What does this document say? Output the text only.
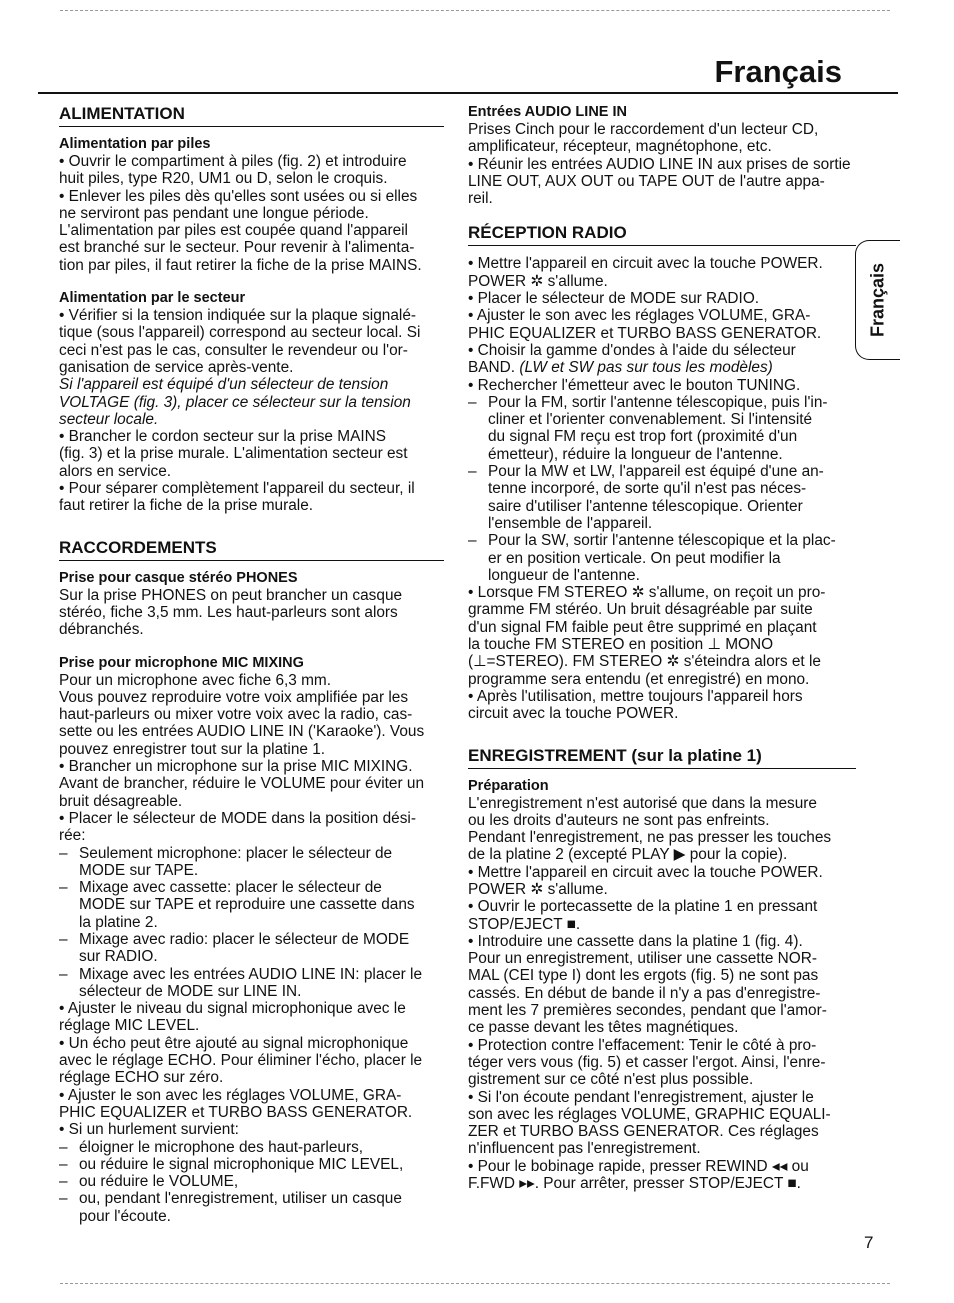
Français
Français
ALIMENTATION
Alimentation par piles

• Ouvrir le compartiment à piles (fig. 2) et introduire

huit piles, type R20, UM1 ou D, selon le croquis.

• Enlever les piles dès qu'elles sont usées ou si elles

ne serviront pas pendant une longue période.

L'alimentation par piles est coupée quand l'appareil

est branché sur le secteur. Pour revenir à l'alimenta-

tion par piles, il faut retirer la fiche de la prise MAINS.

Alimentation par le secteur

• Vérifier si la tension indiquée sur la plaque signalé-

tique (sous l'appareil) correspond au secteur local. Si

ceci n'est pas le cas, consulter le revendeur ou l'or-

ganisation de service après-vente.

Si l'appareil est équipé d'un sélecteur de tension

VOLTAGE (fig. 3), placer ce sélecteur sur la tension

secteur locale.

• Brancher le cordon secteur sur la prise MAINS

(fig. 3) et la prise murale. L'alimentation secteur est

alors en service.

• Pour séparer complètement l'appareil du secteur, il

faut retirer la fiche de la prise murale.

RACCORDEMENTS
Prise pour casque stéréo PHONES

Sur la prise PHONES on peut brancher un casque

stéréo, fiche 3,5 mm. Les haut-parleurs sont alors

débranchés.

Prise pour microphone MIC MIXING

Pour un microphone avec fiche 6,3 mm.

Vous pouvez reproduire votre voix amplifiée par les

haut-parleurs ou mixer votre voix avec la radio, cas-

sette ou les entrées AUDIO LINE IN ('Karaoke'). Vous

pouvez enregistrer tout sur la platine 1.

• Brancher un microphone sur la prise MIC MIXING.

Avant de brancher, réduire le VOLUME pour éviter un

bruit désagreable.

• Placer le sélecteur de MODE dans la position dési-

rée:

– Seulement microphone: placer le sélecteur de
MODE sur TAPE.
– Mixage avec cassette: placer le sélecteur de
MODE sur TAPE et reproduire une cassette dans
la platine 2.
– Mixage avec radio: placer le sélecteur de MODE
sur RADIO.
– Mixage avec les entrées AUDIO LINE IN: placer le
sélecteur de MODE sur LINE IN.

• Ajuster le niveau du signal microphonique avec le

réglage MIC LEVEL.

• Un écho peut être ajouté au signal microphonique

avec le réglage ECHO. Pour éliminer l'écho, placer le

réglage ECHO sur zéro.

• Ajuster le son avec les réglages VOLUME, GRA-

PHIC EQUALIZER et TURBO BASS GENERATOR.

• Si un hurlement survient:

– éloigner le microphone des haut-parleurs,
– ou réduire le signal microphonique MIC LEVEL,
– ou réduire le VOLUME,
– ou, pendant l'enregistrement, utiliser un casque
pour l'écoute.
Entrées AUDIO LINE IN

Prises Cinch pour le raccordement d'un lecteur CD,

amplificateur, récepteur, magnétophone, etc.

• Réunir les entrées AUDIO LINE IN aux prises de sortie

LINE OUT, AUX OUT ou TAPE OUT de l'autre appa-

reil.

RÉCEPTION RADIO

• Mettre l'appareil en circuit avec la touche POWER.

POWER ✲ s'allume.

• Placer le sélecteur de MODE sur RADIO.

• Ajuster le son avec les réglages VOLUME, GRA-

PHIC EQUALIZER et TURBO BASS GENERATOR.

• Choisir la gamme d'ondes à l'aide du sélecteur

BAND. (LW et SW pas sur tous les modèles)

• Rechercher l'émetteur avec le bouton TUNING.

– Pour la FM, sortir l'antenne télescopique, puis l'in-
cliner et l'orienter convenablement. Si l'intensité
du signal FM reçu est trop fort (proximité d'un
émetteur), réduire la longueur de l'antenne.
– Pour la MW et LW, l'appareil est équipé d'une an-
tenne incorporé, de sorte qu'il n'est pas néces-
saire d'utiliser l'antenne télescopique. Orienter
l'ensemble de l'appareil.
– Pour la SW, sortir l'antenne télescopique et la plac-
er en position verticale. On peut modifier la
longueur de l'antenne.

• Lorsque FM STEREO ✲ s'allume, on reçoit un pro-

gramme FM stéréo. Un bruit désagréable par suite

d'un signal FM faible peut être supprimé en plaçant

la touche FM STEREO en position ⊥ MONO

(⊥=STEREO). FM STEREO ✲ s'éteindra alors et le

programme sera entendu (et enregistré) en mono.

• Après l'utilisation, mettre toujours l'appareil hors

circuit avec la touche POWER.

ENREGISTREMENT (sur la platine 1)
Préparation

L'enregistrement n'est autorisé que dans la mesure

ou les droits d'auteurs ne sont pas enfreints.

Pendant l'enregistrement, ne pas presser les touches

de la platine 2 (excepté PLAY ▶ pour la copie).

• Mettre l'appareil en circuit avec la touche POWER.

POWER ✲ s'allume.

• Ouvrir le portecassette de la platine 1 en pressant

STOP/EJECT ■.

• Introduire une cassette dans la platine 1 (fig. 4).

Pour un enregistrement, utiliser une cassette NOR-

MAL (CEI type I) dont les ergots (fig. 5) ne sont pas

cassés. En début de bande il n'y a pas d'enregistre-

ment les 7 premières secondes, pendant que l'amor-

ce passe devant les têtes magnétiques.

• Protection contre l'effacement: Tenir le côté à pro-

téger vers vous (fig. 5) et casser l'ergot. Ainsi, l'enre-

gistrement sur ce côté n'est plus possible.

• Si l'on écoute pendant l'enregistrement, ajuster le

son avec les réglages VOLUME, GRAPHIC EQUALI-

ZER et TURBO BASS GENERATOR. Ces réglages

n'influencent pas l'enregistrement.

• Pour le bobinage rapide, presser REWIND ◂◂ ou

F.FWD ▸▸. Pour arrêter, presser STOP/EJECT ■.

7
